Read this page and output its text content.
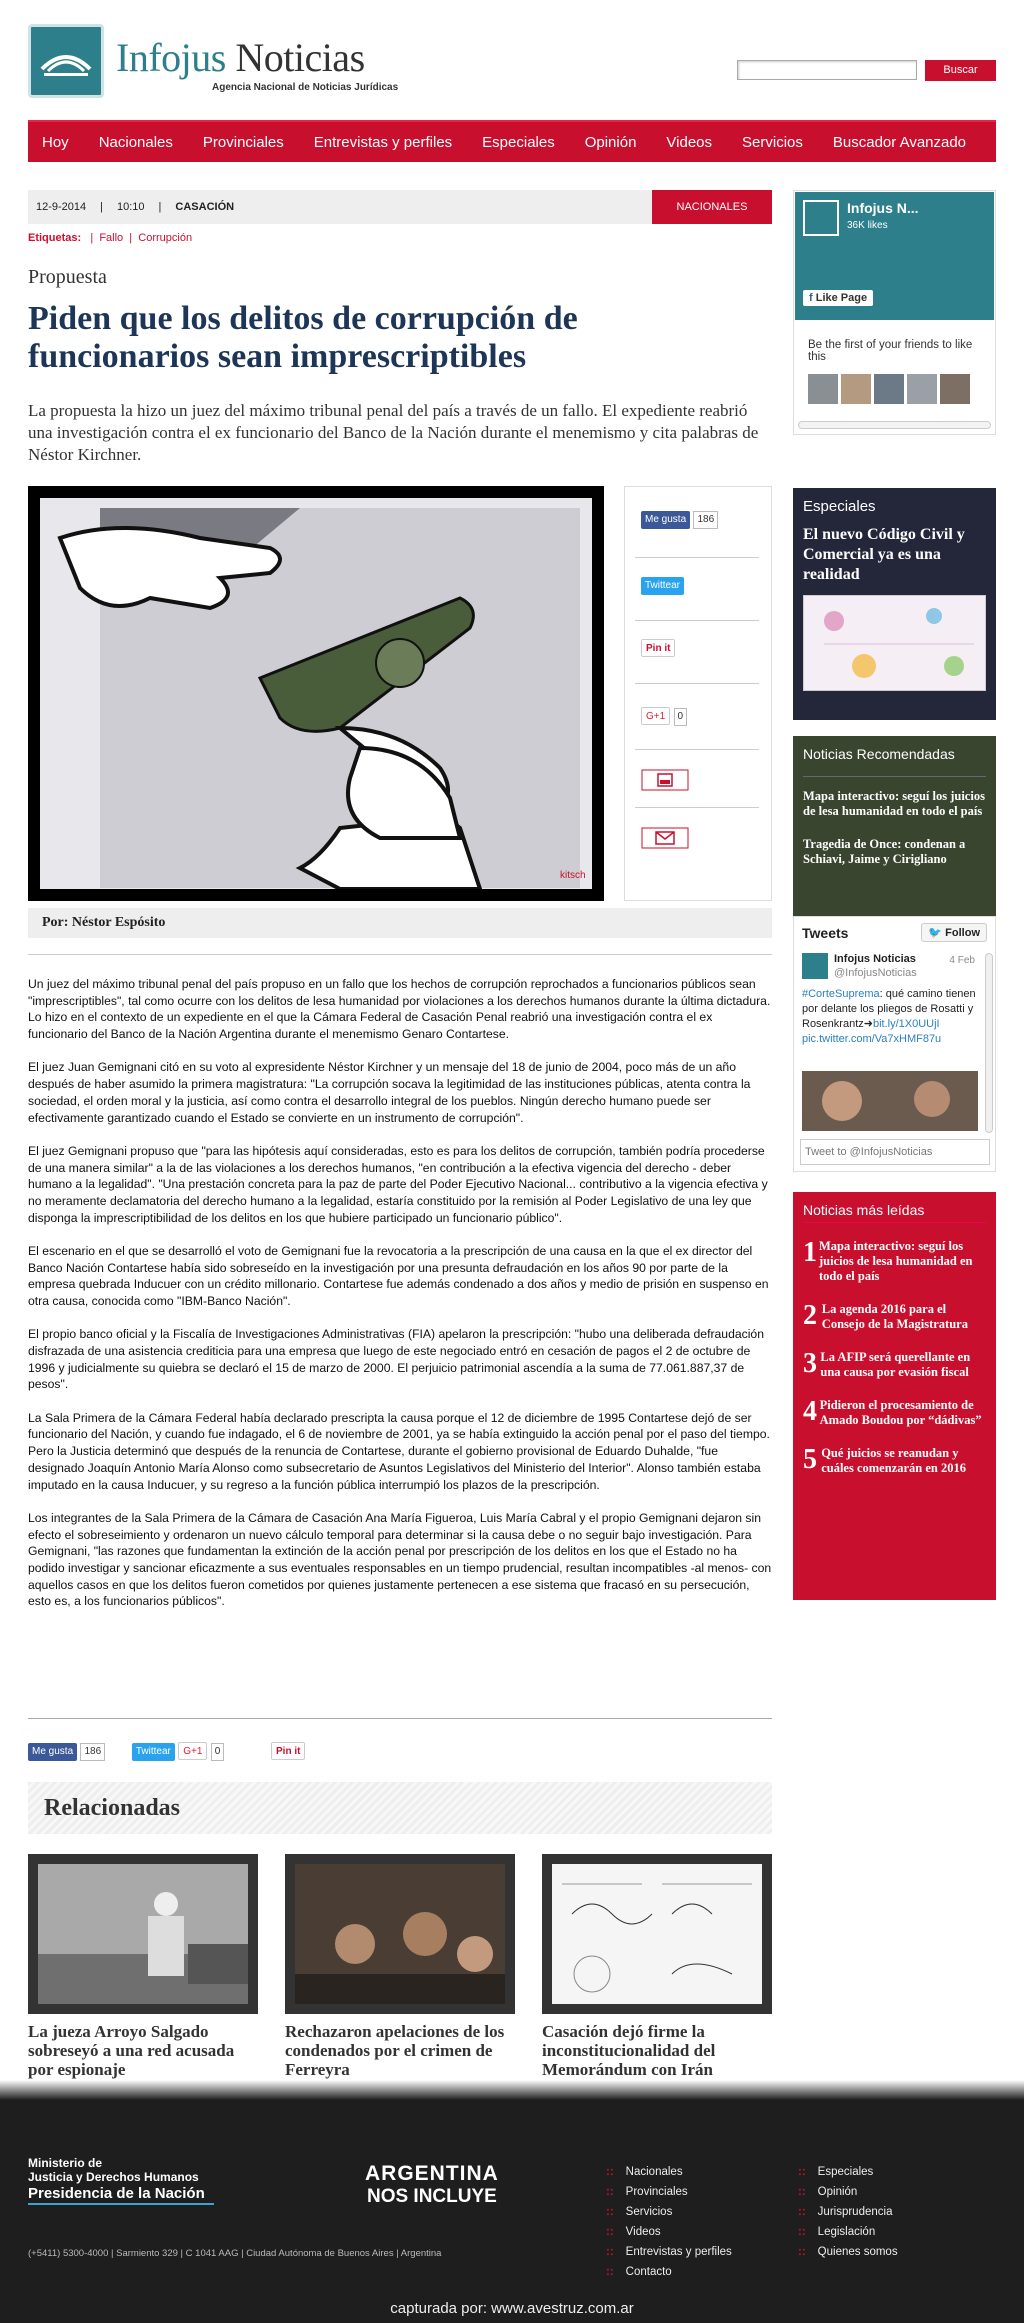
Infojus Noticias
Agencia Nacional de Noticias Jurídicas
Buscar
Hoy Nacionales Provinciales Entrevistas y perfiles Especiales Opinión Videos Servicios Buscador Avanzado
12-9-2014 | 10:10 | CASACIÓN	NACIONALES
Etiquetas:   |  Fallo  |  Corrupción
Propuesta
Piden que los delitos de corrupción de funcionarios sean imprescriptibles
La propuesta la hizo un juez del máximo tribunal penal del país a través de un fallo. El expediente reabrió una investigación contra el ex funcionario del Banco de la Nación durante el menemismo y cita palabras de Néstor Kirchner.
kitsch
Me gusta 186
Twittear
Pin it
G+1 0
Por: Néstor Espósito

Un juez del máximo tribunal penal del país propuso en un fallo que los hechos de corrupción reprochados a funcionarios públicos sean "imprescriptibles", tal como ocurre con los delitos de lesa humanidad por violaciones a los derechos humanos durante la última dictadura. Lo hizo en el contexto de un expediente en el que la Cámara Federal de Casación Penal reabrió una investigación contra el ex funcionario del Banco de la Nación Argentina durante el menemismo Genaro Contartese.

El juez Juan Gemignani citó en su voto al expresidente Néstor Kirchner y un mensaje del 18 de junio de 2004, poco más de un año después de haber asumido la primera magistratura: "La corrupción socava la legitimidad de las instituciones públicas, atenta contra la sociedad, el orden moral y la justicia, así como contra el desarrollo integral de los pueblos. Ningún derecho humano puede ser efectivamente garantizado cuando el Estado se convierte en un instrumento de corrupción".

El juez Gemignani propuso que "para las hipótesis aquí consideradas, esto es para los delitos de corrupción, también podría procederse de una manera similar" a la de las violaciones a los derechos humanos, "en contribución a la efectiva vigencia del derecho - deber humano a la legalidad". "Una prestación concreta para la paz de parte del Poder Ejecutivo Nacional... contributivo a la vigencia efectiva y no meramente declamatoria del derecho humano a la legalidad, estaría constituido por la remisión al Poder Legislativo de una ley que disponga la imprescriptibilidad de los delitos en los que hubiere participado un funcionario público".

El escenario en el que se desarrolló el voto de Gemignani fue la revocatoria a la prescripción de una causa en la que el ex director del Banco Nación Contartese había sido sobreseído en la investigación por una presunta defraudación en los años 90 por parte de la empresa quebrada Inducuer con un crédito millonario. Contartese fue además condenado a dos años y medio de prisión en suspenso en otra causa, conocida como "IBM-Banco Nación".

El propio banco oficial y la Fiscalía de Investigaciones Administrativas (FIA) apelaron la prescripción: "hubo una deliberada defraudación disfrazada de una asistencia crediticia para una empresa que luego de este negociado entró en cesación de pagos el 2 de octubre de 1996 y judicialmente su quiebra se declaró el 15 de marzo de 2000. El perjuicio patrimonial ascendía a la suma de 77.061.887,37 de pesos".

La Sala Primera de la Cámara Federal había declarado prescripta la causa porque el 12 de diciembre de 1995 Contartese dejó de ser funcionario del Nación, y cuando fue indagado, el 6 de noviembre de 2001, ya se había extinguido la acción penal por el paso del tiempo. Pero la Justicia determinó que después de la renuncia de Contartese, durante el gobierno provisional de Eduardo Duhalde, "fue designado Joaquín Antonio María Alonso como subsecretario de Asuntos Legislativos del Ministerio del Interior". Alonso también estaba imputado en la causa Inducuer, y su regreso a la función pública interrumpió los plazos de la prescripción.

Los integrantes de la Sala Primera de la Cámara de Casación Ana María Figueroa, Luis María Cabral y el propio Gemignani dejaron sin efecto el sobreseimiento y ordenaron un nuevo cálculo temporal para determinar si la causa debe o no seguir bajo investigación. Para Gemignani, "las razones que fundamentan la extinción de la acción penal por prescripción de los delitos en los que el Estado no ha podido investigar y sancionar eficazmente a sus eventuales responsables en un tiempo prudencial, resultan incompatibles -al menos- con aquellos casos en que los delitos fueron cometidos por quienes justamente pertenecen a ese sistema que fracasó en su persecución, esto es, a los funcionarios públicos".

Me gusta 186	Twittear G+1 0	Pin it
Relacionadas
La jueza Arroyo Salgado sobreseyó a una red acusada por espionaje
Rechazaron apelaciones de los condenados por el crimen de Ferreyra
Casación dejó firme la inconstitucionalidad del Memorándum con Irán
Infojus N...
36K likes
f Like Page
Be the first of your friends to like this
Especiales
El nuevo Código Civil y Comercial ya es una realidad
Noticias Recomendadas
Mapa interactivo: seguí los juicios de lesa humanidad en todo el país
Tragedia de Once: condenan a Schiavi, Jaime y Cirigliano
Tweets	🐦 Follow
Infojus Noticias
@InfojusNoticias
4 Feb
#CorteSuprema: qué camino tienen por delante los pliegos de Rosatti y Rosenkrantz➜bit.ly/1X0UUjI
pic.twitter.com/Va7xHMF87u
Tweet to @InfojusNoticias
Noticias más leídas
1 Mapa interactivo: seguí los juicios de lesa humanidad en todo el país
2 La agenda 2016 para el Consejo de la Magistratura
3 La AFIP será querellante en una causa por evasión fiscal
4 Pidieron el procesamiento de Amado Boudou por “dádivas”
5 Qué juicios se reanudan y cuáles comenzarán en 2016
Ministerio de
Justicia y Derechos Humanos
Presidencia de la Nación
ARGENTINA
NOS INCLUYE
(+5411) 5300-4000 | Sarmiento 329 | C 1041 AAG | Ciudad Autónoma de Buenos Aires | Argentina
:: Nacionales
:: Provinciales
:: Servicios
:: Videos
:: Entrevistas y perfiles
:: Contacto
:: Especiales
:: Opinión
:: Jurisprudencia
:: Legislación
:: Quienes somos
capturada por: www.avestruz.com.ar
